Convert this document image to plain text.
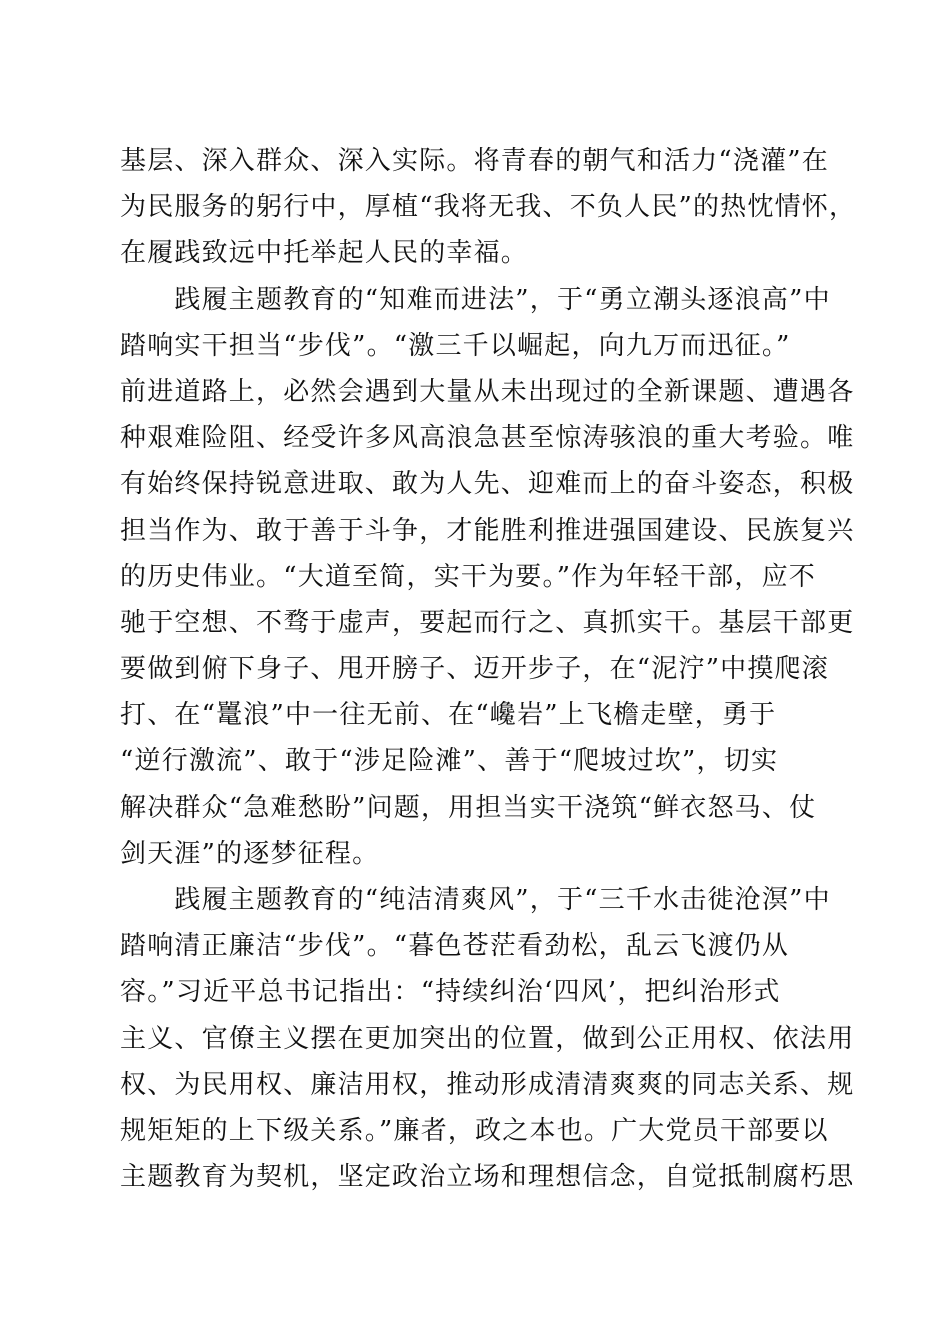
基层、深入群众、深入实际。将青春的朝气和活力“浇灌”在
为民服务的躬行中，厚植“我将无我、不负人民”的热忱情怀，
在履践致远中托举起人民的幸福。
　　践履主题教育的“知难而进法”，于“勇立潮头逐浪高”中
踏响实干担当“步伐”。“激三千以崛起，向九万而迅征。”
前进道路上，必然会遇到大量从未出现过的全新课题、遭遇各
种艰难险阻、经受许多风高浪急甚至惊涛骇浪的重大考验。唯
有始终保持锐意进取、敢为人先、迎难而上的奋斗姿态，积极
担当作为、敢于善于斗争，才能胜利推进强国建设、民族复兴
的历史伟业。“大道至简，实干为要。”作为年轻干部，应不
驰于空想、不骛于虚声，要起而行之、真抓实干。基层干部更
要做到俯下身子、甩开膀子、迈开步子，在“泥泞”中摸爬滚
打、在“鼍浪”中一往无前、在“巉岩”上飞檐走壁，勇于
“逆行激流”、敢于“涉足险滩”、善于“爬坡过坎”，切实
解决群众“急难愁盼”问题，用担当实干浇筑“鲜衣怒马、仗
剑天涯”的逐梦征程。
　　践履主题教育的“纯洁清爽风”，于“三千水击徙沧溟”中
踏响清正廉洁“步伐”。“暮色苍茫看劲松，乱云飞渡仍从
容。”习近平总书记指出：“持续纠治‘四风’，把纠治形式
主义、官僚主义摆在更加突出的位置，做到公正用权、依法用
权、为民用权、廉洁用权，推动形成清清爽爽的同志关系、规
规矩矩的上下级关系。”廉者，政之本也。广大党员干部要以
主题教育为契机，坚定政治立场和理想信念，自觉抵制腐朽思
